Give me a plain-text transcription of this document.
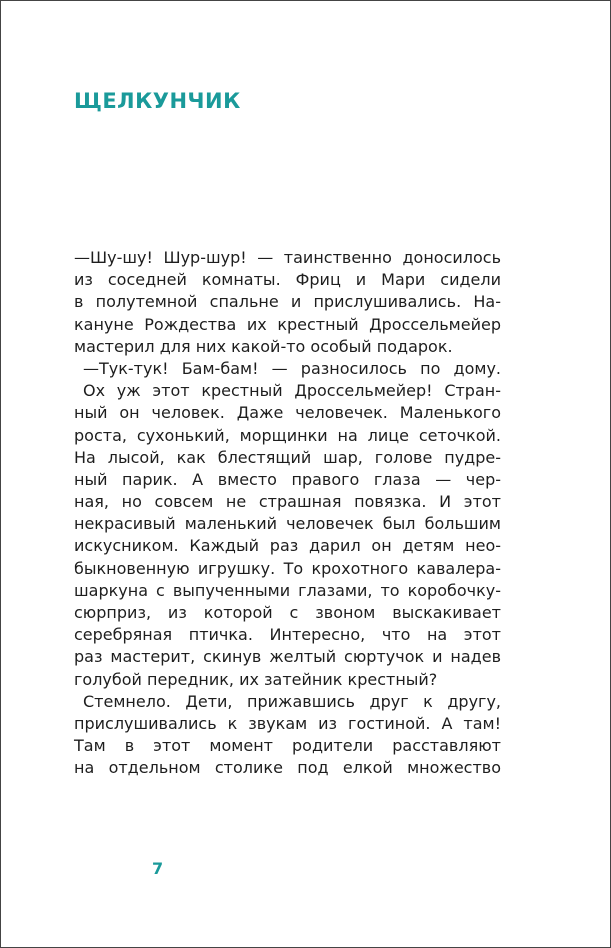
ЩЕЛКУНЧИК
—Шу-шу! Шур-шур! — таинственно доносилось
из соседней комнаты. Фриц и Мари сидели
в полутемной спальне и прислушивались. На-
кануне Рождества их крестный Дроссельмейер
мастерил для них какой-то особый подарок.
—Тук-тук! Бам-бам! — разносилось по дому.
Ох уж этот крестный Дроссельмейер! Стран-
ный он человек. Даже человечек. Маленького
роста, сухонький, морщинки на лице сеточкой.
На лысой, как блестящий шар, голове пудре-
ный парик. А вместо правого глаза — чер-
ная, но совсем не страшная повязка. И этот
некрасивый маленький человечек был большим
искусником. Каждый раз дарил он детям нео-
быкновенную игрушку. То крохотного кавалера-
шаркуна с выпученными глазами, то коробочку-
сюрприз, из которой с звоном выскакивает
серебряная птичка. Интересно, что на этот
раз мастерит, скинув желтый сюртучок и надев
голубой передник, их затейник крестный?
Стемнело. Дети, прижавшись друг к другу,
прислушивались к звукам из гостиной. А там!
Там в этот момент родители расставляют
на отдельном столике под елкой множество
7
